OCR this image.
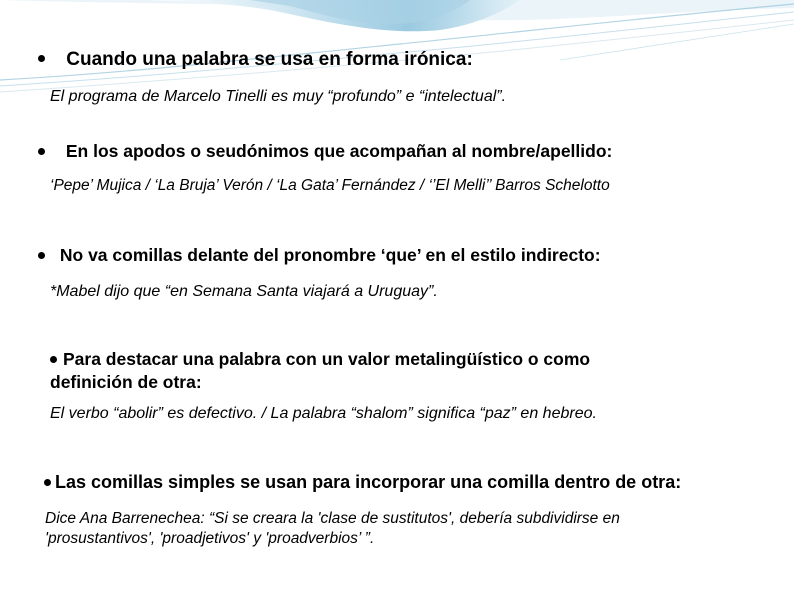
Cuando una palabra se usa en forma irónica:
El programa de Marcelo Tinelli es muy “profundo” e “intelectual”.
En los apodos o seudónimos que acompañan al nombre/apellido:
‘Pepe’ Mujica / ‘La Bruja’ Verón / ‘La Gata’ Fernández / ‘’El Melli’’ Barros Schelotto
No va comillas delante del pronombre ‘que’ en el estilo indirecto:
*Mabel dijo que “en Semana Santa viajará a Uruguay”.
Para destacar una palabra con un valor metalingüístico o como
definición de otra:
El verbo “abolir” es defectivo. / La palabra “shalom” significa “paz” en hebreo.
Las comillas simples se usan para incorporar una comilla dentro de otra:
Dice Ana Barrenechea: “Si se creara la 'clase de sustitutos', debería subdividirse en
'prosustantivos', 'proadjetivos' y 'proadverbios’ ”.
